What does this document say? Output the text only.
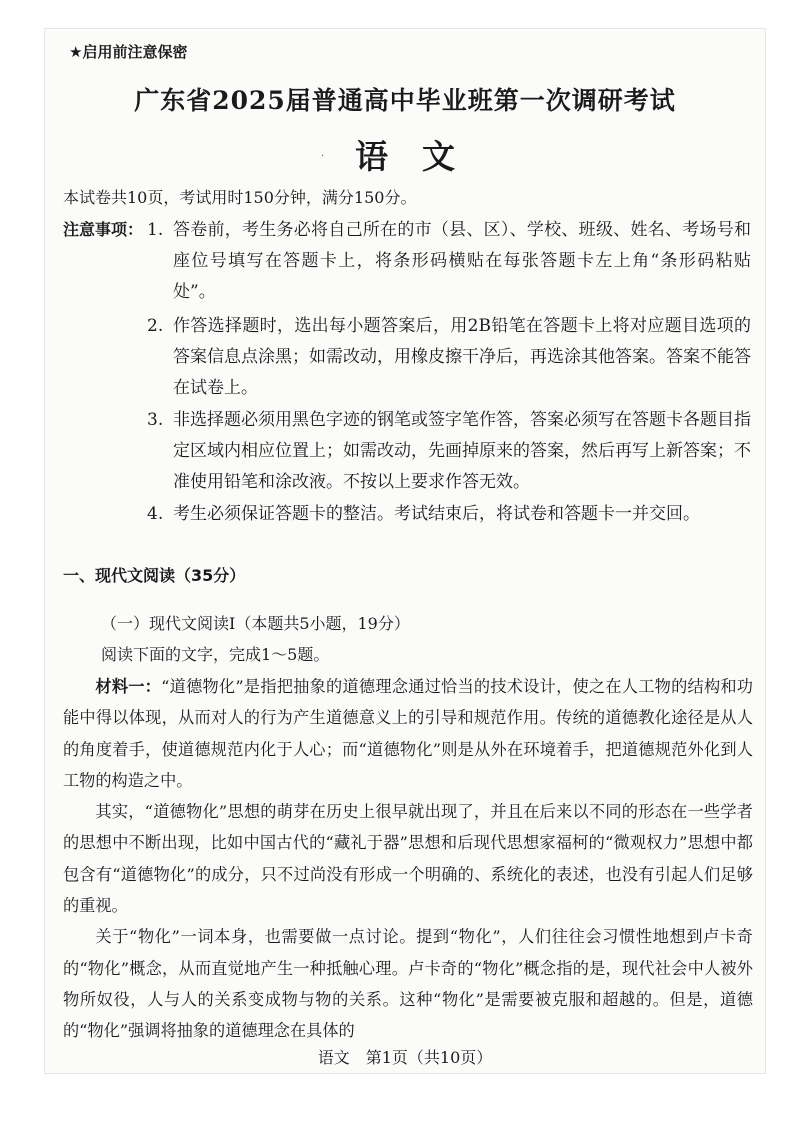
★启用前注意保密
广东省2025届普通高中毕业班第一次调研考试
语文
·
本试卷共10页，考试用时150分钟，满分150分。
注意事项： 1. 答卷前，考生务必将自己所在的市（县、区）、学校、班级、姓名、考场号和座位号填写在答题卡上，将条形码横贴在每张答题卡左上角“条形码粘贴处”。
2. 作答选择题时，选出每小题答案后，用2B铅笔在答题卡上将对应题目选项的答案信息点涂黑；如需改动，用橡皮擦干净后，再选涂其他答案。答案不能答在试卷上。
3. 非选择题必须用黑色字迹的钢笔或签字笔作答，答案必须写在答题卡各题目指定区域内相应位置上；如需改动，先画掉原来的答案，然后再写上新答案；不准使用铅笔和涂改液。不按以上要求作答无效。
4. 考生必须保证答题卡的整洁。考试结束后，将试卷和答题卡一并交回。
一、现代文阅读（35分）
（一）现代文阅读Ⅰ（本题共5小题，19分）
阅读下面的文字，完成1～5题。

材料一：“道德物化”是指把抽象的道德理念通过恰当的技术设计，使之在人工物的结构和功能中得以体现，从而对人的行为产生道德意义上的引导和规范作用。传统的道德教化途径是从人的角度着手，使道德规范内化于人心；而“道德物化”则是从外在环境着手，把道德规范外化到人工物的构造之中。

其实，“道德物化”思想的萌芽在历史上很早就出现了，并且在后来以不同的形态在一些学者的思想中不断出现，比如中国古代的“藏礼于器”思想和后现代思想家福柯的“微观权力”思想中都包含有“道德物化”的成分，只不过尚没有形成一个明确的、系统化的表述，也没有引起人们足够的重视。

关于“物化”一词本身，也需要做一点讨论。提到“物化”，人们往往会习惯性地想到卢卡奇的“物化”概念，从而直觉地产生一种抵触心理。卢卡奇的“物化”概念指的是，现代社会中人被外物所奴役，人与人的关系变成物与物的关系。这种“物化”是需要被克服和超越的。但是，道德的“物化”强调将抽象的道德理念在具体的

语文　第1页（共10页）
